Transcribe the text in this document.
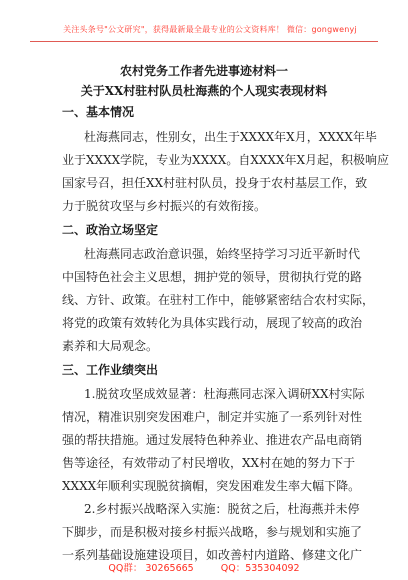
关注头条号"公文研究"，获得最新最全最专业的公文资料库！ 微信：gongwenyj
农村党务工作者先进事迹材料一
关于XX村驻村队员杜海燕的个人现实表现材料
一、基本情况
杜海燕同志，性别女，出生于XXXX年X月，XXXX年毕
业于XXXX学院，专业为XXXX。自XXXX年X月起，积极响应
国家号召，担任XX村驻村队员，投身于农村基层工作，致
力于脱贫攻坚与乡村振兴的有效衔接。
二、政治立场坚定
杜海燕同志政治意识强，始终坚持学习习近平新时代
中国特色社会主义思想，拥护党的领导，贯彻执行党的路
线、方针、政策。在驻村工作中，能够紧密结合农村实际，
将党的政策有效转化为具体实践行动，展现了较高的政治
素养和大局观念。
三、工作业绩突出
1.脱贫攻坚成效显著：杜海燕同志深入调研XX村实际
情况，精准识别突发困难户，制定并实施了一系列针对性
强的帮扶措施。通过发展特色种养业、推进农产品电商销
售等途径，有效带动了村民增收，XX村在她的努力下于
XXXX年顺利实现脱贫摘帽，突发困难发生率大幅下降。
2.乡村振兴战略深入实施：脱贫之后，杜海燕并未停
下脚步，而是积极对接乡村振兴战略，参与规划和实施了
一系列基础设施建设项目，如改善村内道路、修建文化广
QQ群： 30265665	QQ：535304092
